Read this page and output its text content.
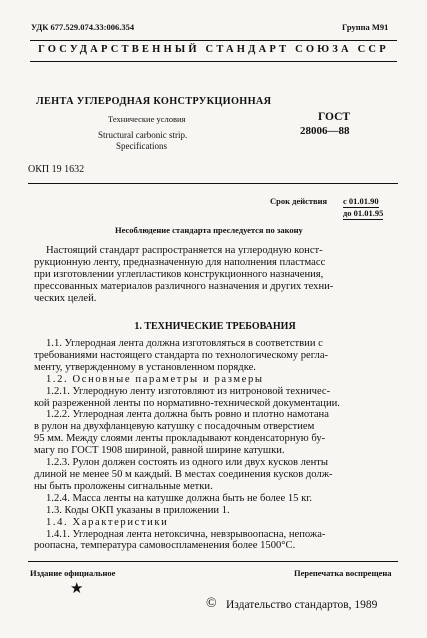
УДК 677.529.074.33:006.354	Группа М91
ГОСУДАРСТВЕННЫЙ СТАНДАРТ СОЮЗА ССР
ЛЕНТА УГЛЕРОДНАЯ КОНСТРУКЦИОННАЯ
Технические условия
Structural carbonic strip.
Specifications
ГОСТ
28006—88
ОКП 19 1632
Срок действия с 01.01.90
до 01.01.95
Несоблюдение стандарта преследуется по закону
Настоящий стандарт распространяется на углеродную конст-
рукционную ленту, предназначенную для наполнения пластмасс
при изготовлении углепластиков конструкционного назначения,
прессованных материалов различного назначения и других техни-
ческих целей.
1. ТЕХНИЧЕСКИЕ ТРЕБОВАНИЯ
1.1. Углеродная лента должна изготовляться в соответствии с
требованиями настоящего стандарта по технологическому регла-
менту, утвержденному в установленном порядке.
1.2. Основные параметры и размеры
1.2.1. Углеродную ленту изготовляют из нитроновой техничес-
кой разреженной ленты по нормативно-технической документации.
1.2.2. Углеродная лента должна быть ровно и плотно намотана
в рулон на двухфланцевую катушку с посадочным отверстием
95 мм. Между слоями ленты прокладывают конденсаторную бу-
магу по ГОСТ 1908 шириной, равной ширине катушки.
1.2.3. Рулон должен состоять из одного или двух кусков ленты
длиной не менее 50 м каждый. В местах соединения кусков долж-
ны быть проложены сигнальные метки.
1.2.4. Масса ленты на катушке должна быть не более 15 кг.
1.3. Коды ОКП указаны в приложении 1.
1.4. Характеристики
1.4.1. Углеродная лента нетоксична, невзрывоопасна, непожа-
роопасна, температура самовоспламенения более 1500°С.
Издание официальное	Перепечатка воспрещена
★
© Издательство стандартов, 1989
